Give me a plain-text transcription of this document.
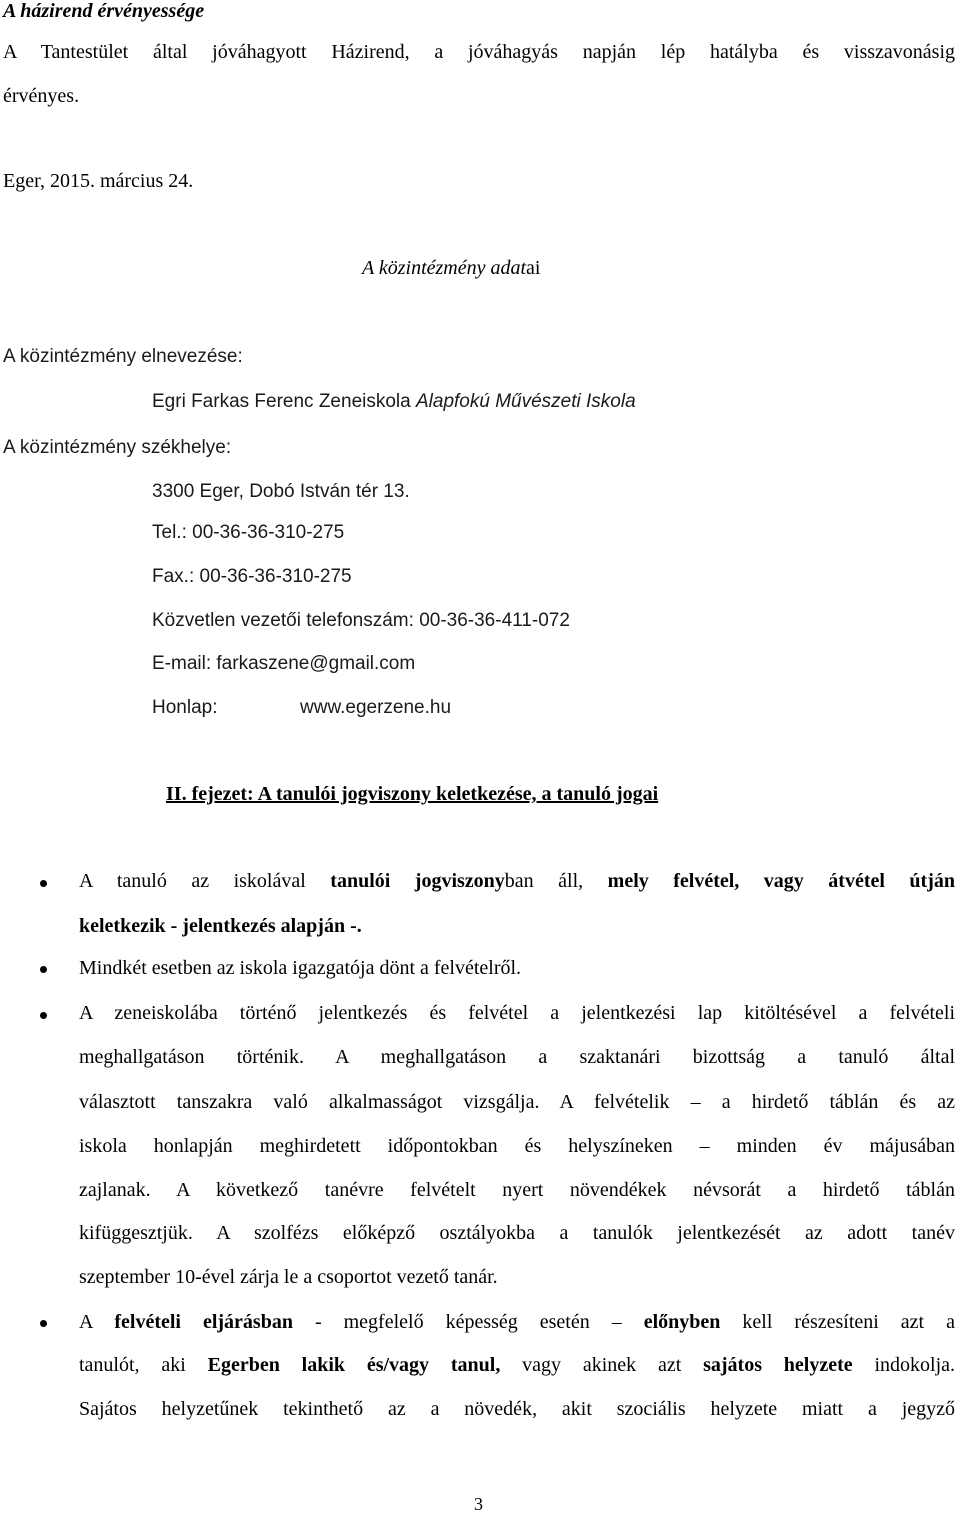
A házirend érvényessége
A Tantestület által jóváhagyott Házirend, a jóváhagyás napján lép hatályba és visszavonásig
érvényes.
Eger, 2015. március 24.
A közintézmény adatai
A közintézmény elnevezése:
Egri Farkas Ferenc Zeneiskola Alapfokú Művészeti Iskola
A közintézmény székhelye:
3300 Eger, Dobó István tér 13.
Tel.: 00-36-36-310-275
Fax.: 00-36-36-310-275
Közvetlen vezetői telefonszám: 00-36-36-411-072
E-mail: farkaszene@gmail.com
Honlap:	www.egerzene.hu
II. fejezet: A tanulói jogviszony keletkezése, a tanuló jogai
A tanuló az iskolával tanulói jogviszonyban áll, mely felvétel, vagy átvétel útján
keletkezik - jelentkezés alapján -.
Mindkét esetben az iskola igazgatója dönt a felvételről.
A zeneiskolába történő jelentkezés és felvétel a jelentkezési lap kitöltésével a felvételi
meghallgatáson történik. A meghallgatáson a szaktanári bizottság a tanuló által
választott tanszakra való alkalmasságot vizsgálja. A felvételik – a hirdető táblán és az
iskola honlapján meghirdetett időpontokban és helyszíneken – minden év májusában
zajlanak. A következő tanévre felvételt nyert növendékek névsorát a hirdető táblán
kifüggesztjük. A szolfézs előképző osztályokba a tanulók jelentkezését az adott tanév
szeptember 10-ével zárja le a csoportot vezető tanár.
A felvételi eljárásban - megfelelő képesség esetén – előnyben kell részesíteni azt a
tanulót, aki Egerben lakik és/vagy tanul, vagy akinek azt sajátos helyzete indokolja.
Sajátos helyzetűnek tekinthető az a növedék, akit szociális helyzete miatt a jegyző
3
